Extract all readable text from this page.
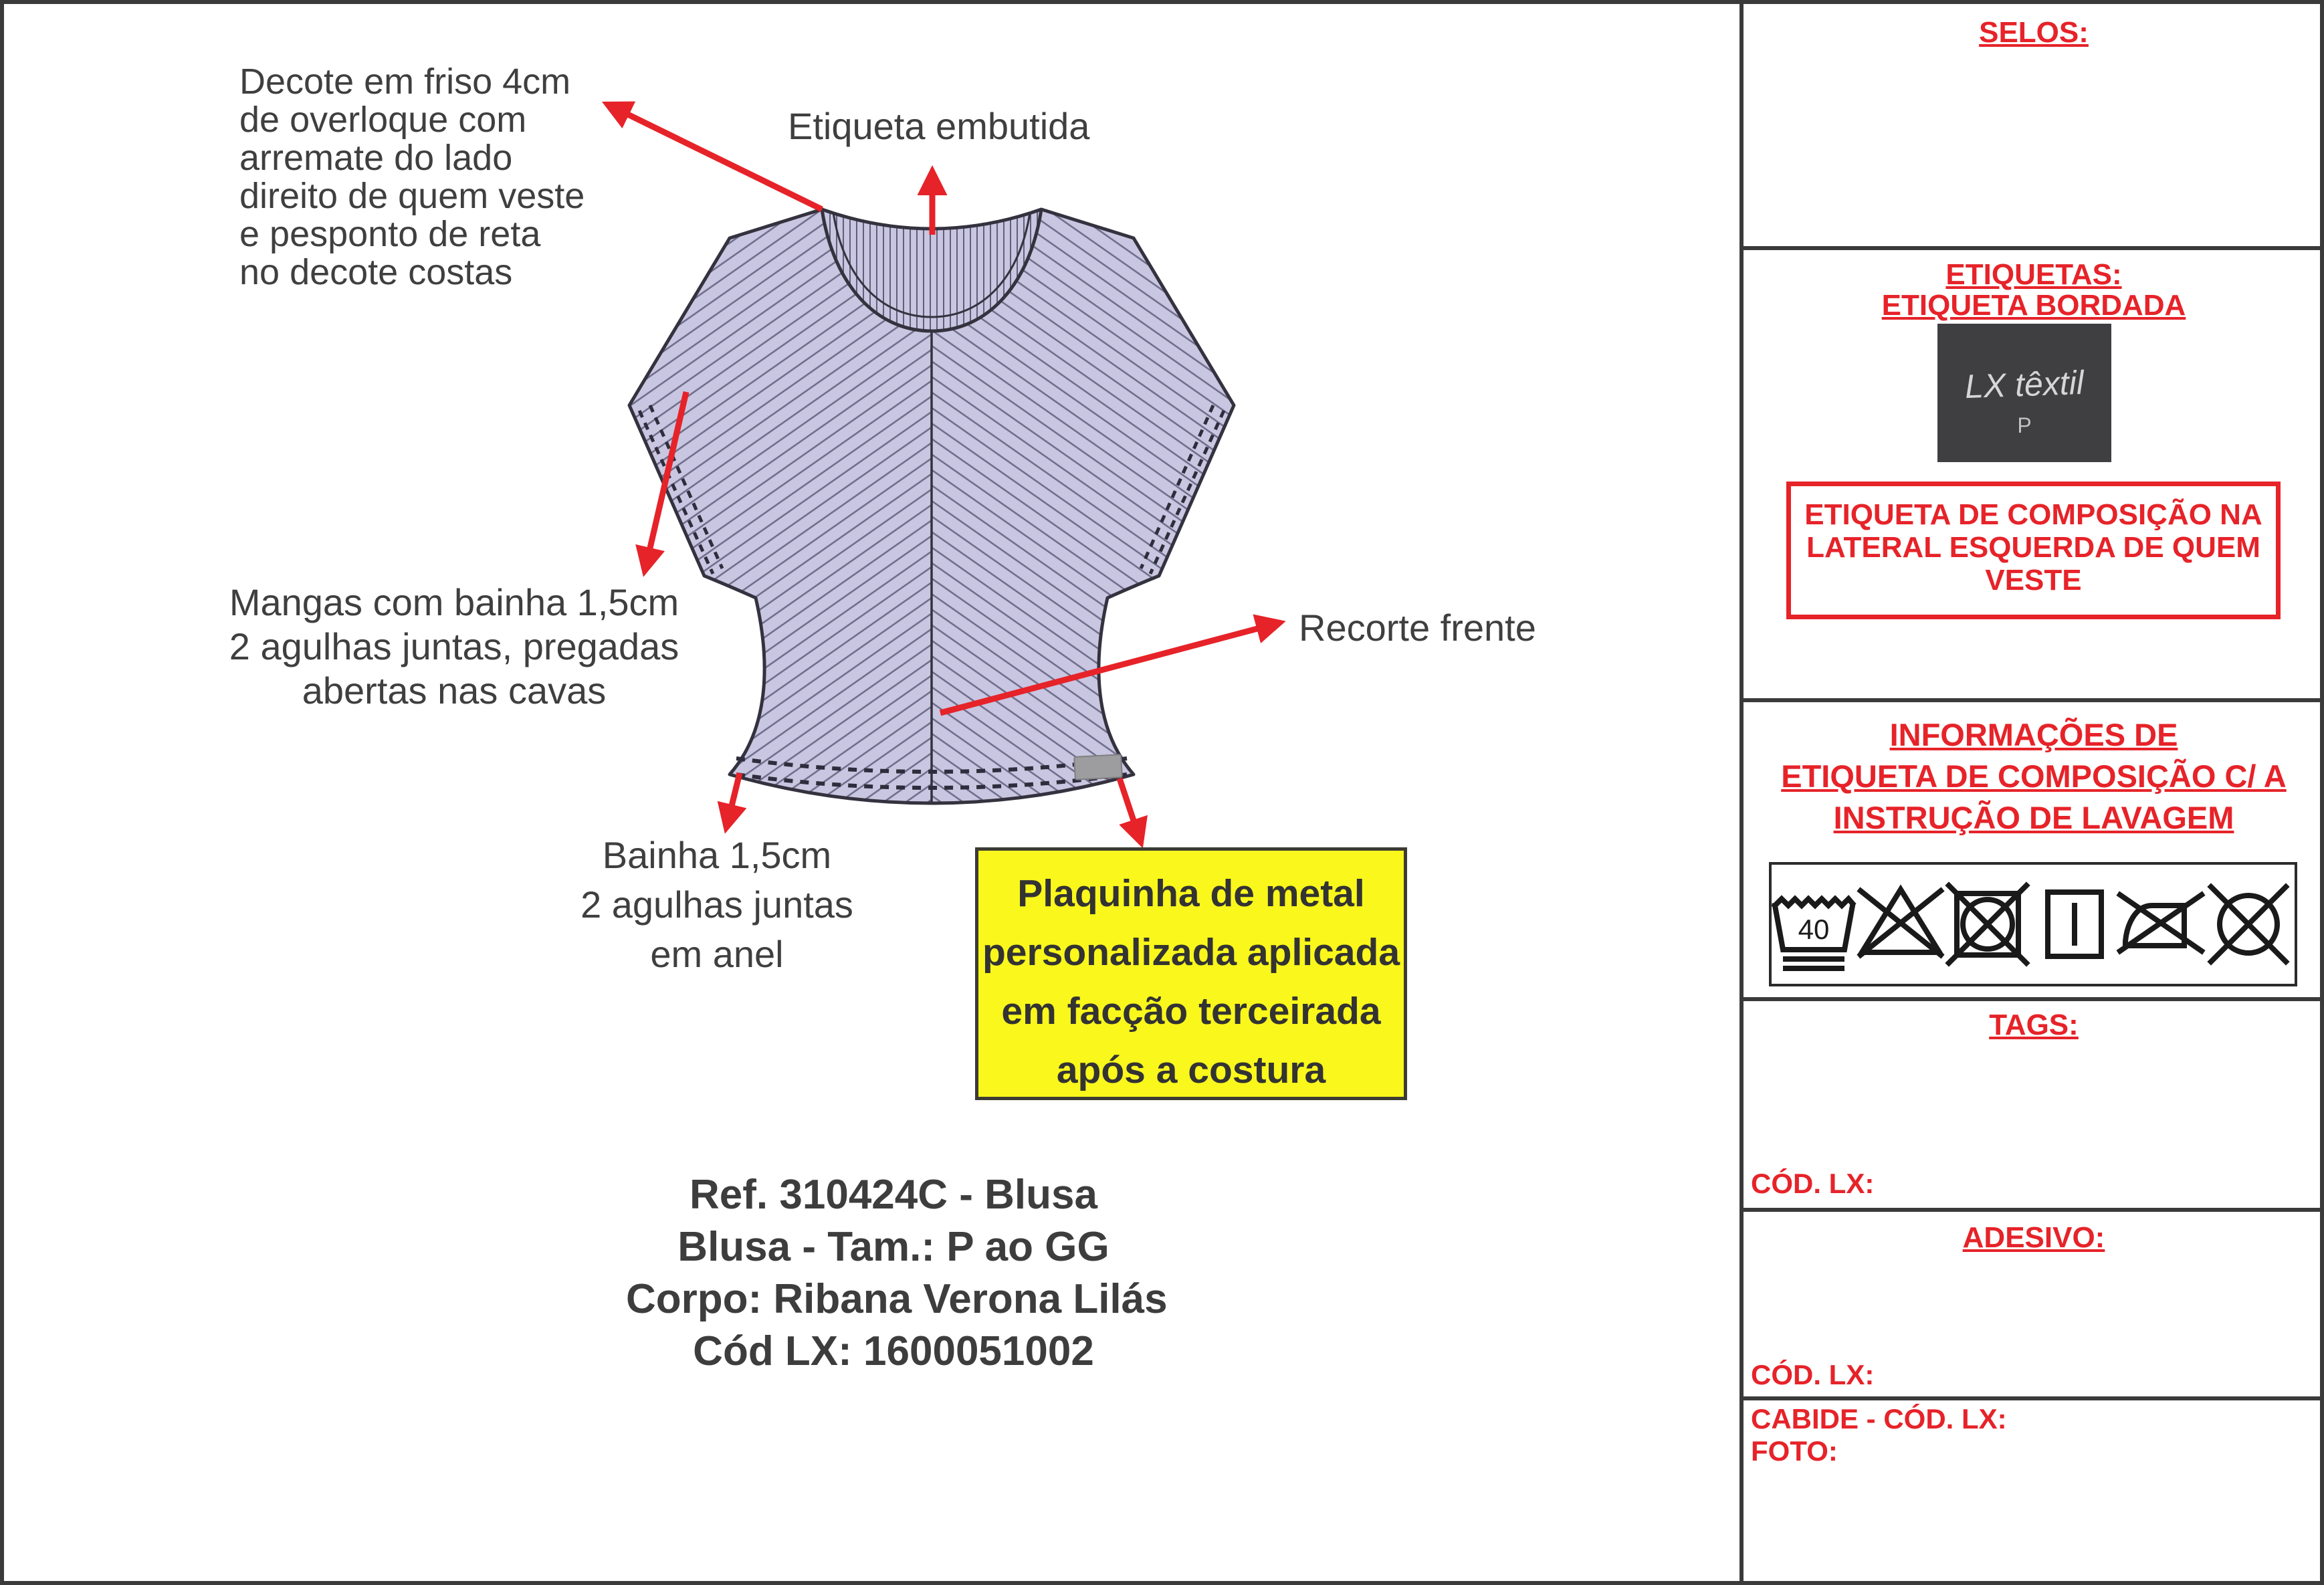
Decote em friso 4cm
de overloque com
arremate do lado
direito de quem veste
e pesponto de reta
no decote costas
Etiqueta embutida
Mangas com bainha 1,5cm
2 agulhas juntas, pregadas
abertas nas cavas
Recorte frente
Bainha 1,5cm
2 agulhas juntas
em anel
Plaquinha de metal
personalizada aplicada
em facção terceirada
após a costura
Ref. 310424C - Blusa
Blusa - Tam.: P ao GG
Corpo: Ribana Verona Lilás
Cód LX: 1600051002
SELOS:
ETIQUETAS:
ETIQUETA BORDADA
LX têxtil
P
ETIQUETA DE COMPOSIÇÃO NA
LATERAL ESQUERDA DE QUEM
VESTE
INFORMAÇÕES DE
ETIQUETA DE COMPOSIÇÃO C/ A
INSTRUÇÃO DE LAVAGEM
40
TAGS:
CÓD. LX:
ADESIVO:
CÓD. LX:
CABIDE - CÓD. LX:
FOTO:
